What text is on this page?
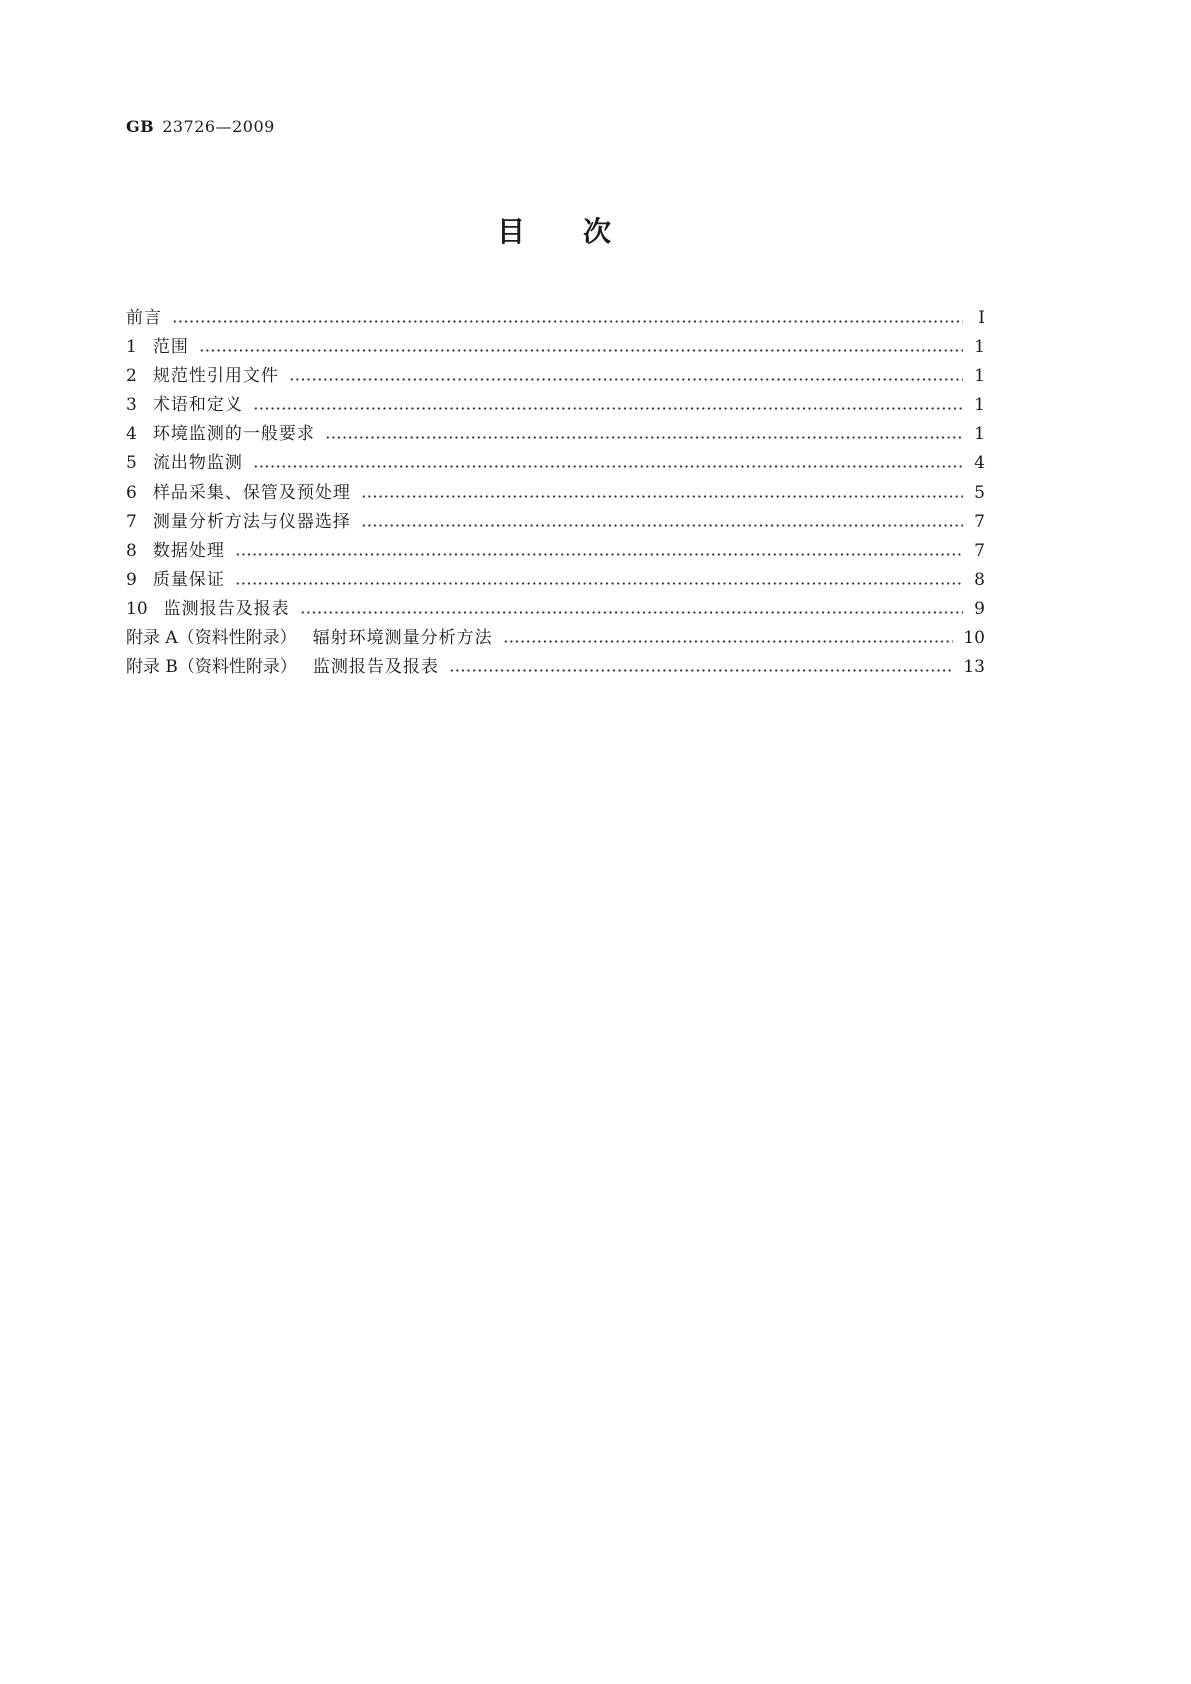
GB 23726—2009
目次
前言	Ⅰ
1 范围	1
2 规范性引用文件	1
3 术语和定义	1
4 环境监测的一般要求	1
5 流出物监测	4
6 样品采集、保管及预处理	5
7 测量分析方法与仪器选择	7
8 数据处理	7
9 质量保证	8
10 监测报告及报表	9
附录 A（资料性附录） 辐射环境测量分析方法	10
附录 B（资料性附录） 监测报告及报表	13
